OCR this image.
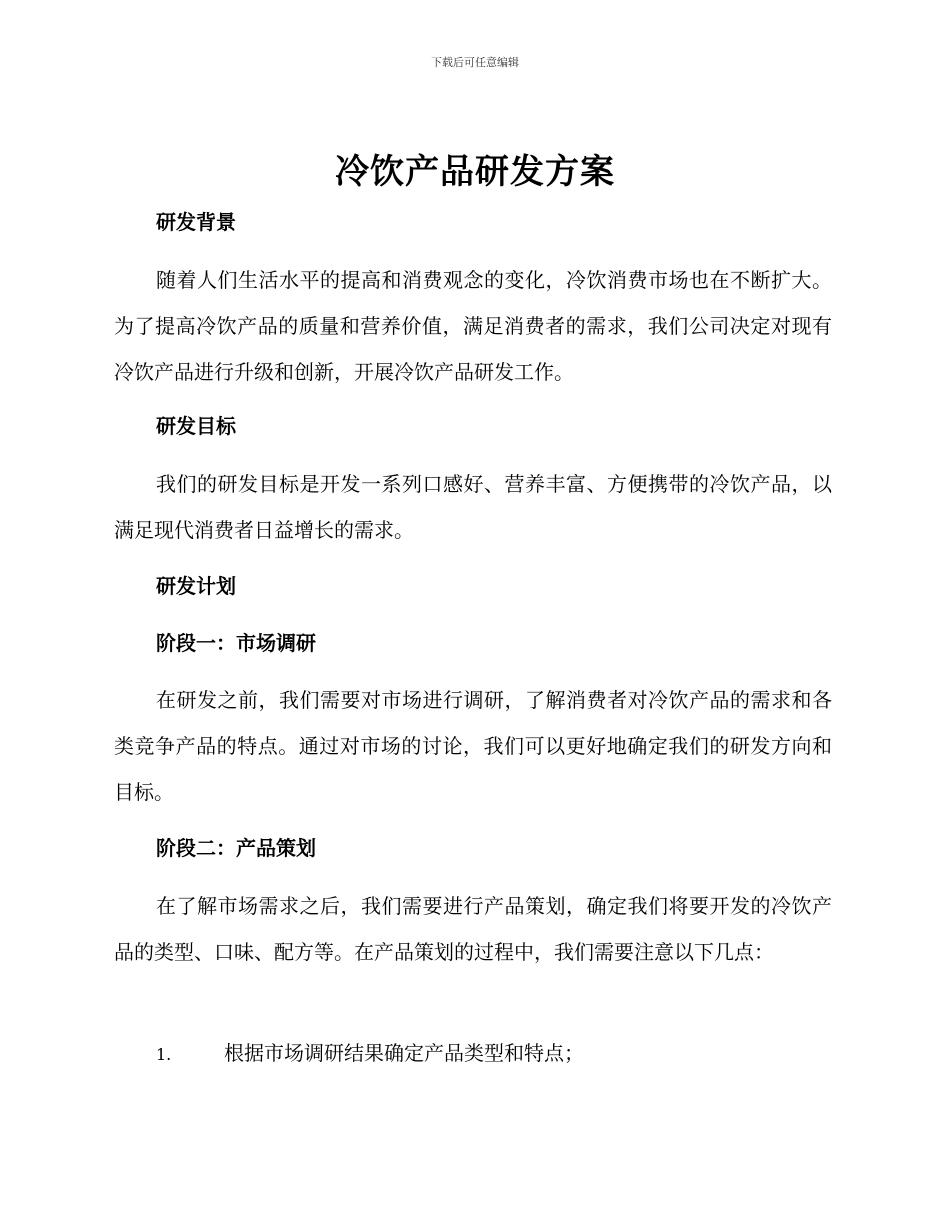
下载后可任意编辑
冷饮产品研发方案
研发背景
随着人们生活水平的提高和消费观念的变化，冷饮消费市场也在不断扩大。为了提高冷饮产品的质量和营养价值，满足消费者的需求，我们公司决定对现有冷饮产品进行升级和创新，开展冷饮产品研发工作。
研发目标
我们的研发目标是开发一系列口感好、营养丰富、方便携带的冷饮产品，以满足现代消费者日益增长的需求。
研发计划
阶段一：市场调研
在研发之前，我们需要对市场进行调研，了解消费者对冷饮产品的需求和各类竞争产品的特点。通过对市场的讨论，我们可以更好地确定我们的研发方向和目标。
阶段二：产品策划
在了解市场需求之后，我们需要进行产品策划，确定我们将要开发的冷饮产品的类型、口味、配方等。在产品策划的过程中，我们需要注意以下几点：
1.	根据市场调研结果确定产品类型和特点；
